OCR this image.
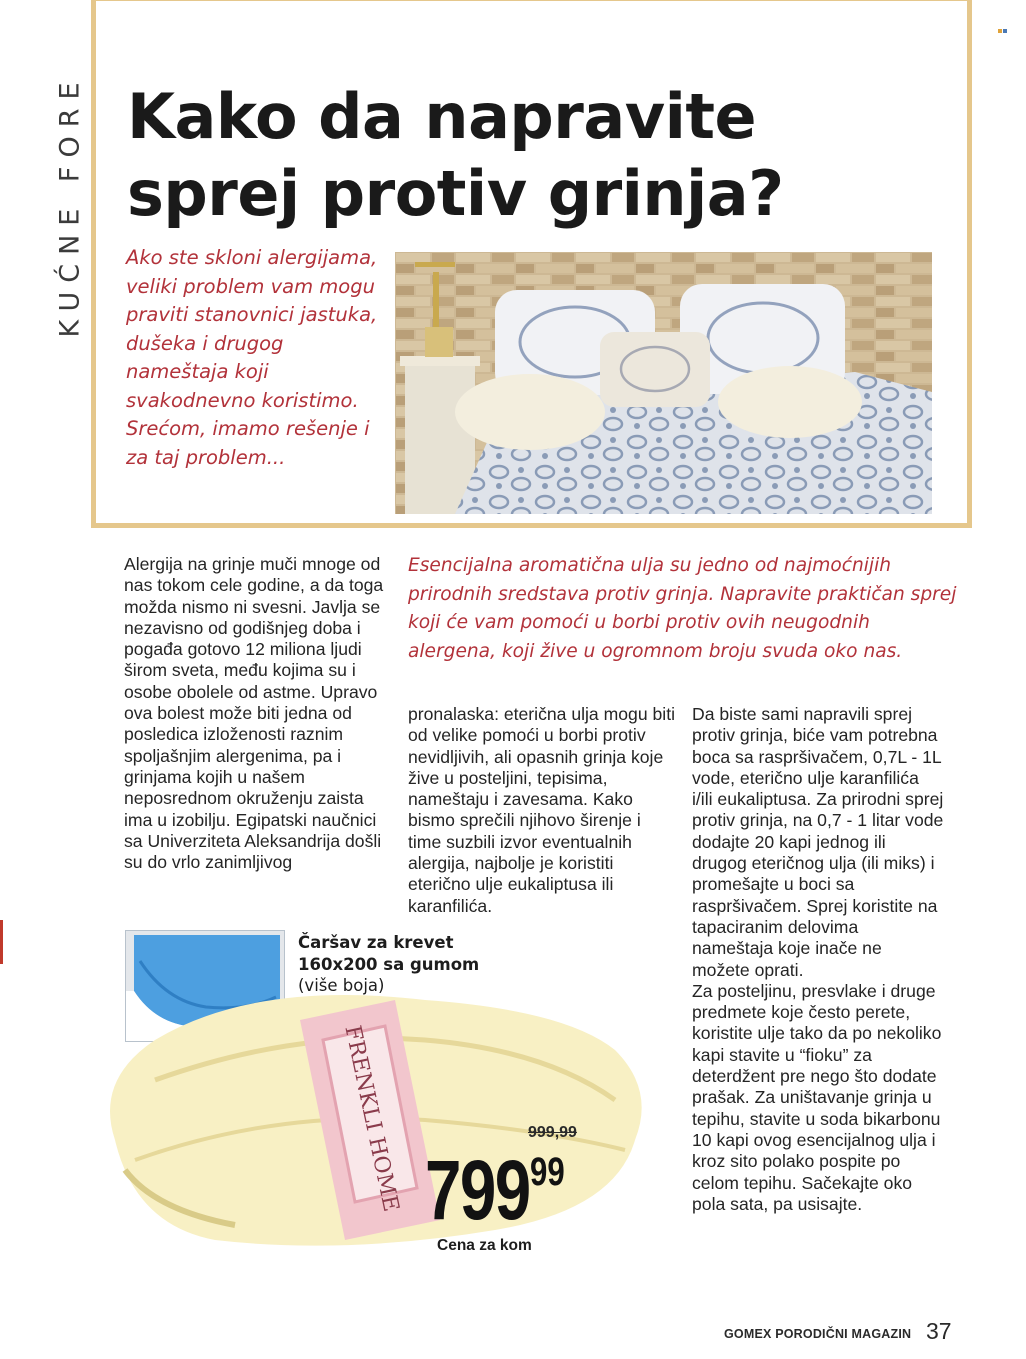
KUĆNE FORE Kako da napravite sprej protiv grinja?

Ako ste skloni alergijama, veliki problem vam mogu praviti stanovnici jastuka, dušeka i drugog nameštaja koji svakodnevno koristimo. Srećom, imamo rešenje i za taj problem...

Alergija na grinje muči mnoge od nas tokom cele godine, a da toga možda nismo ni svesni. Javlja se nezavisno od godišnjeg doba i pogađa gotovo 12 miliona ljudi širom sveta, među kojima su i osobe obolele od astme. Upravo ova bolest može biti jedna od posledica izloženosti raznim spoljašnjim alergenima, pa i grinjama kojih u našem neposrednom okruženju zaista ima u izobilju. Egipatski naučnici sa Univerziteta Aleksandrija došli su do vrlo zanimljivog

Esencijalna aromatična ulja su jedno od najmoćnijih prirodnih sredstava protiv grinja. Napravite praktičan sprej koji će vam pomoći u borbi protiv ovih neugodnih alergena, koji žive u ogromnom broju svuda oko nas.

pronalaska: eterična ulja mogu biti od velike pomoći u borbi protiv nevidljivih, ali opasnih grinja koje žive u posteljini, tepisima, nameštaju i zavesama. Kako bismo sprečili njihovo širenje i time suzbili izvor eventualnih alergija, najbolje je koristiti eterično ulje eukaliptusa ili karanfilića.

Da biste sami napravili sprej protiv grinja, biće vam potrebna boca sa raspršivačem, 0,7L - 1L vode, eterično ulje karanfilića i/ili eukaliptusa. Za prirodni sprej protiv grinja, na 0,7 - 1 litar vode dodajte 20 kapi jednog ili drugog eteričnog ulja (ili miks) i promešajte u boci sa raspršivačem. Sprej koristite na tapaciranim delovima nameštaja koje inače ne možete oprati.
Za posteljinu, presvlake i druge predmete koje često perete, koristite ulje tako da po nekoliko kapi stavite u “fioku” za deterdžent pre nego što dodate prašak. Za uništavanje grinja u tepihu, stavite u soda bikarbonu 10 kapi ovog esencijalnog ulja i kroz sito polako pospite po celom tepihu. Sačekajte oko pola sata, pa usisajte.

FRENKLI HOME
Čaršav za krevet 160x200 sa gumom
(više boja)
999,99
799 99
Cena za kom
GOMEX PORODIČNI MAGAZIN 37
